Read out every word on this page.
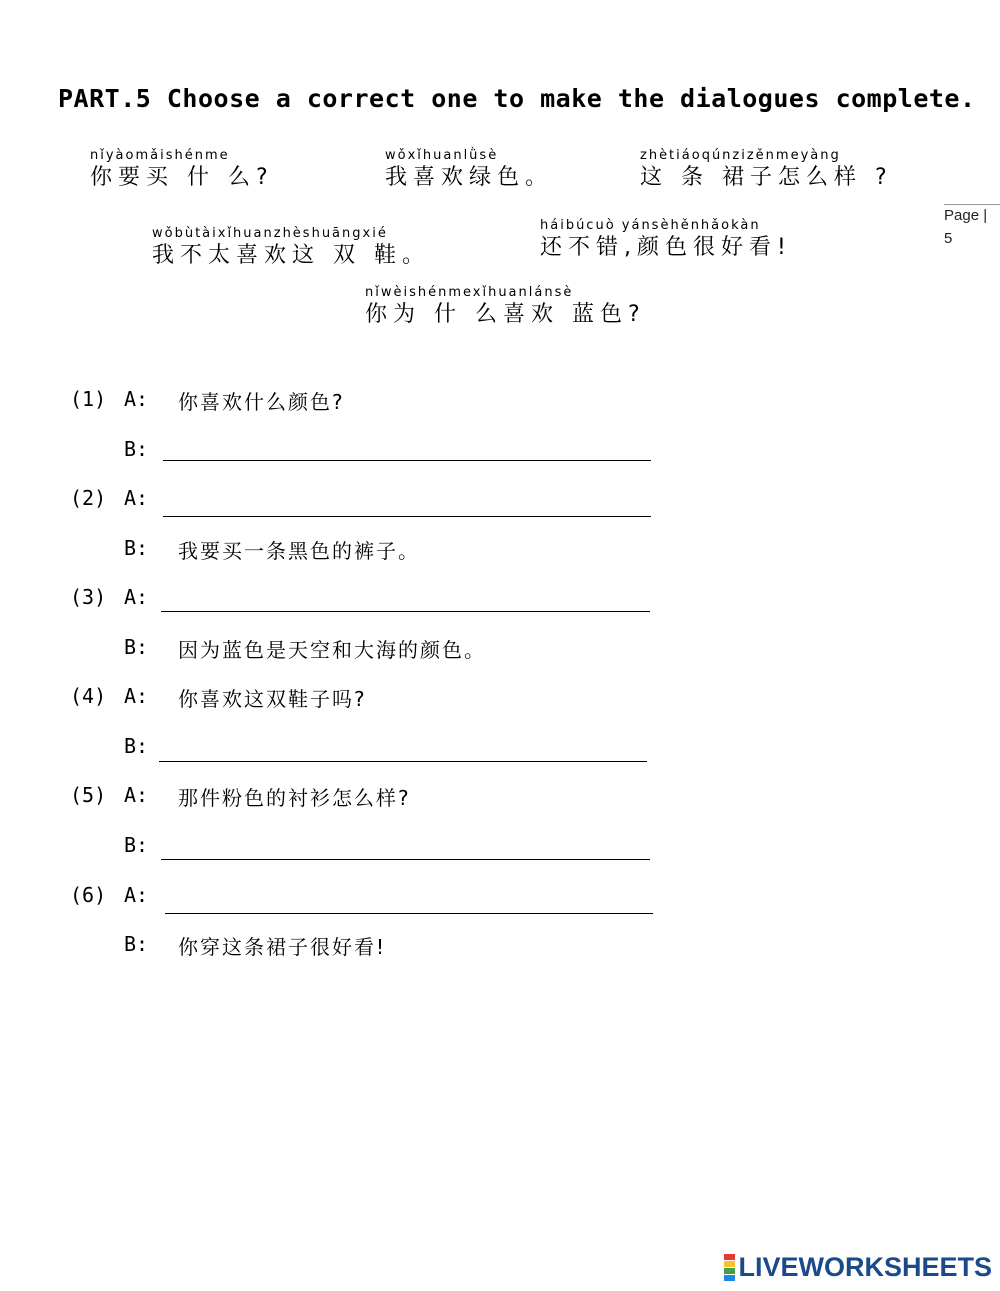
PART.5 Choose a correct one to make the dialogues complete.
nǐyàomǎishénme
你要买 什 么?
wǒxǐhuanlǜsè
我喜欢绿色。
zhètiáoqúnzizěnmeyàng
这 条 裙子怎么样 ?
wǒbùtàixǐhuanzhèshuāngxié
我不太喜欢这 双 鞋。
háibúcuò yánsèhěnhǎokàn
还不错,颜色很好看!
nǐwèishénmexǐhuanlánsè
你为 什 么喜欢 蓝色?
Page |
5
(1) A: 你喜欢什么颜色?
B:
(2) A:
B: 我要买一条黑色的裤子。
(3) A:
B: 因为蓝色是天空和大海的颜色。
(4) A: 你喜欢这双鞋子吗?
B:
(5) A: 那件粉色的衬衫怎么样?
B:
(6) A:
B: 你穿这条裙子很好看!
LIVEWORKSHEETS
